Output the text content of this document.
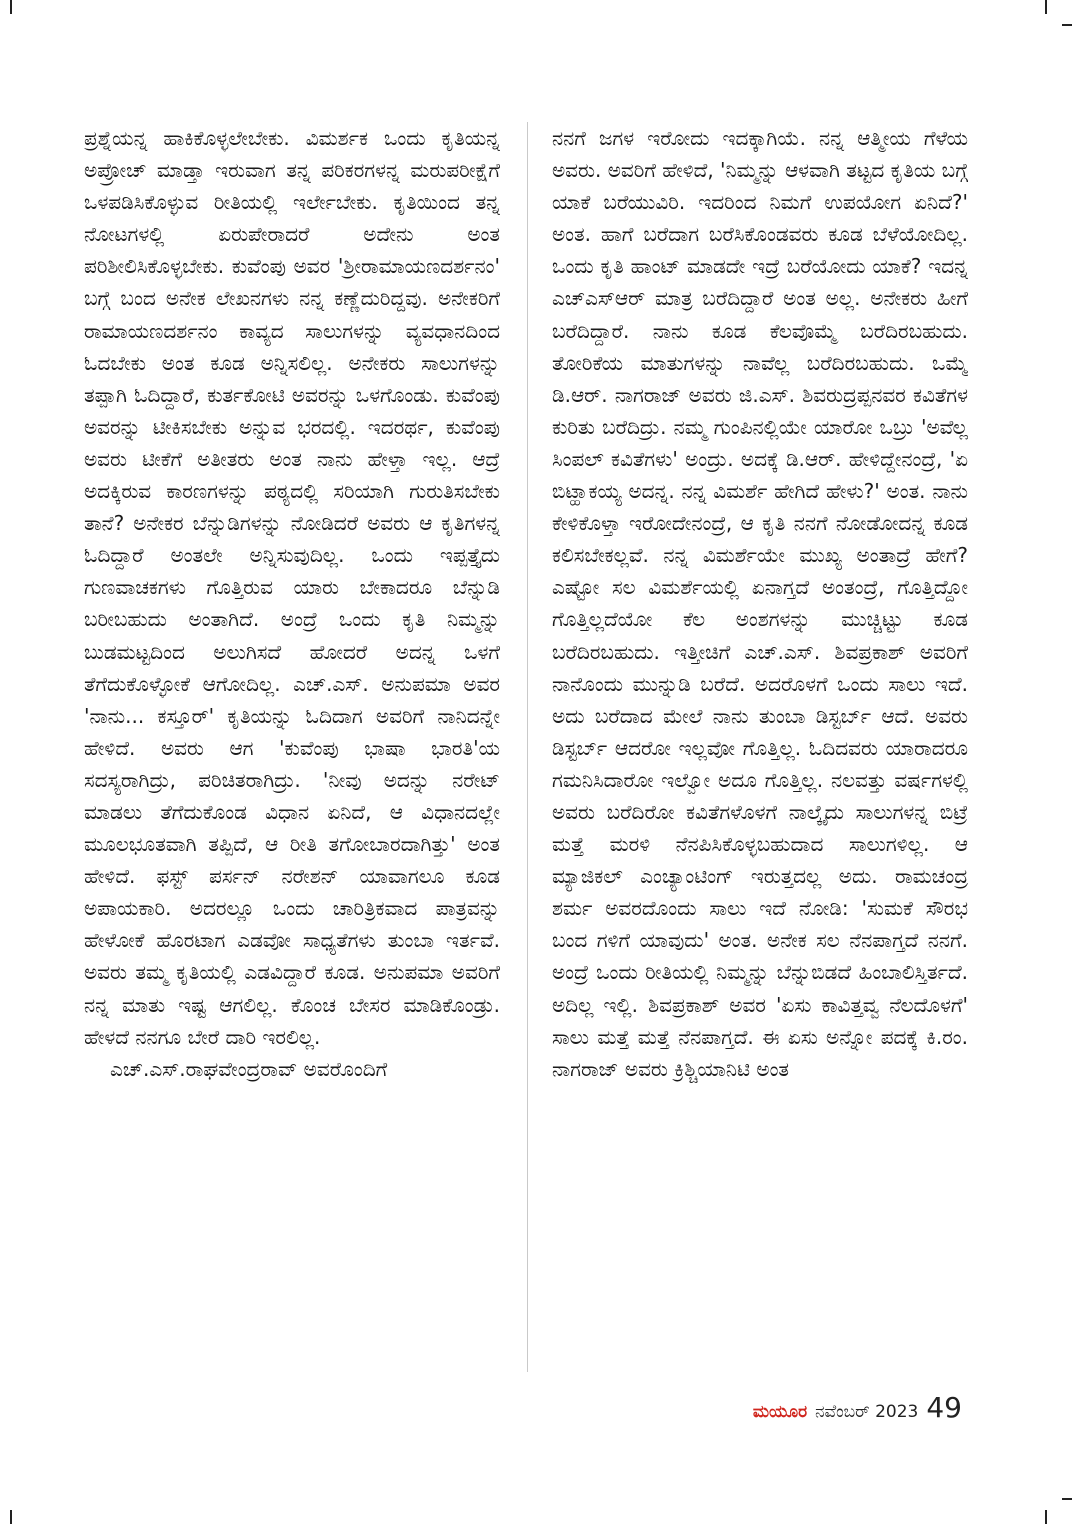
ಪ್ರಶ್ನೆಯನ್ನ ಹಾಕಿಕೊಳ್ಳಲೇಬೇಕು. ವಿಮರ್ಶಕ ಒಂದು ಕೃತಿಯನ್ನ ಅಪ್ರೋಚ್ ಮಾಡ್ತಾ ಇರುವಾಗ ತನ್ನ ಪರಿಕರಗಳನ್ನ ಮರುಪರೀಕ್ಷೆಗೆ ಒಳಪಡಿಸಿಕೊಳ್ಳುವ ರೀತಿಯಲ್ಲಿ ಇರ್ಲೇಬೇಕು. ಕೃತಿಯಿಂದ ತನ್ನ ನೋಟಗಳಲ್ಲಿ ಏರುಪೇರಾದರೆ ಅದೇನು ಅಂತ ಪರಿಶೀಲಿಸಿಕೊಳ್ಳಬೇಕು. ಕುವೆಂಪು ಅವರ 'ಶ್ರೀರಾಮಾಯಣದರ್ಶನಂ' ಬಗ್ಗೆ ಬಂದ ಅನೇಕ ಲೇಖನಗಳು ನನ್ನ ಕಣ್ಣೆದುರಿದ್ದವು. ಅನೇಕರಿಗೆ ರಾಮಾಯಣದರ್ಶನಂ ಕಾವ್ಯದ ಸಾಲುಗಳನ್ನು ವ್ಯವಧಾನದಿಂದ ಓದಬೇಕು ಅಂತ ಕೂಡ ಅನ್ನಿಸಲಿಲ್ಲ. ಅನೇಕರು ಸಾಲುಗಳನ್ನು ತಪ್ಪಾಗಿ ಓದಿದ್ದಾರೆ, ಕುರ್ತಕೋಟಿ ಅವರನ್ನು ಒಳಗೊಂಡು. ಕುವೆಂಪು ಅವರನ್ನು ಟೀಕಿಸಬೇಕು ಅನ್ನುವ ಭರದಲ್ಲಿ. ಇದರರ್ಥ, ಕುವೆಂಪು ಅವರು ಟೀಕೆಗೆ ಅತೀತರು ಅಂತ ನಾನು ಹೇಳ್ತಾ ಇಲ್ಲ. ಆದ್ರೆ ಅದಕ್ಕಿರುವ ಕಾರಣಗಳನ್ನು ಪಠ್ಯದಲ್ಲಿ ಸರಿಯಾಗಿ ಗುರುತಿಸಬೇಕು ತಾನೆ? ಅನೇಕರ ಬೆನ್ನುಡಿಗಳನ್ನು ನೋಡಿದರೆ ಅವರು ಆ ಕೃತಿಗಳನ್ನ ಓದಿದ್ದಾರೆ ಅಂತಲೇ ಅನ್ನಿಸುವುದಿಲ್ಲ. ಒಂದು ಇಪ್ಪತ್ತೈದು ಗುಣವಾಚಕಗಳು ಗೊತ್ತಿರುವ ಯಾರು ಬೇಕಾದರೂ ಬೆನ್ನುಡಿ ಬರೀಬಹುದು ಅಂತಾಗಿದೆ. ಅಂದ್ರೆ ಒಂದು ಕೃತಿ ನಿಮ್ಮನ್ನು ಬುಡಮಟ್ಟದಿಂದ ಅಲುಗಿಸದೆ ಹೋದರೆ ಅದನ್ನ ಒಳಗೆ ತೆಗೆದುಕೊಳ್ಳೋಕೆ ಆಗೋದಿಲ್ಲ. ಎಚ್.ಎಸ್. ಅನುಪಮಾ ಅವರ 'ನಾನು... ಕಸ್ತೂರ್' ಕೃತಿಯನ್ನು ಓದಿದಾಗ ಅವರಿಗೆ ನಾನಿದನ್ನೇ ಹೇಳಿದೆ. ಅವರು ಆಗ 'ಕುವೆಂಪು ಭಾಷಾ ಭಾರತಿ'ಯ ಸದಸ್ಯರಾಗಿದ್ರು, ಪರಿಚಿತರಾಗಿದ್ರು. 'ನೀವು ಅದನ್ನು ನರೇಟ್ ಮಾಡಲು ತೆಗೆದುಕೊಂಡ ವಿಧಾನ ಏನಿದೆ, ಆ ವಿಧಾನದಲ್ಲೇ ಮೂಲಭೂತವಾಗಿ ತಪ್ಪಿದೆ, ಆ ರೀತಿ ತಗೋಬಾರದಾಗಿತ್ತು' ಅಂತ ಹೇಳಿದೆ. ಫಸ್ಟ್ ಪರ್ಸನ್ ನರೇಶನ್ ಯಾವಾಗಲೂ ಕೂಡ ಅಪಾಯಕಾರಿ. ಅದರಲ್ಲೂ ಒಂದು ಚಾರಿತ್ರಿಕವಾದ ಪಾತ್ರವನ್ನು ಹೇಳೋಕೆ ಹೊರಟಾಗ ಎಡವೋ ಸಾಧ್ಯತೆಗಳು ತುಂಬಾ ಇರ್ತವೆ. ಅವರು ತಮ್ಮ ಕೃತಿಯಲ್ಲಿ ಎಡವಿದ್ದಾರೆ ಕೂಡ. ಅನುಪಮಾ ಅವರಿಗೆ ನನ್ನ ಮಾತು ಇಷ್ಟ ಆಗಲಿಲ್ಲ. ಕೊಂಚ ಬೇಸರ ಮಾಡಿಕೊಂಡ್ರು. ಹೇಳದೆ ನನಗೂ ಬೇರೆ ದಾರಿ ಇರಲಿಲ್ಲ.

ಎಚ್.ಎಸ್.ರಾಘವೇಂದ್ರರಾವ್ ಅವರೊಂದಿಗೆ

ನನಗೆ ಜಗಳ ಇರೋದು ಇದಕ್ಕಾಗಿಯೆ. ನನ್ನ ಆತ್ಮೀಯ ಗೆಳೆಯ ಅವರು. ಅವರಿಗೆ ಹೇಳಿದೆ, 'ನಿಮ್ಮನ್ನು ಆಳವಾಗಿ ತಟ್ಟದ ಕೃತಿಯ ಬಗ್ಗೆ ಯಾಕೆ ಬರೆಯುವಿರಿ. ಇದರಿಂದ ನಿಮಗೆ ಉಪಯೋಗ ಏನಿದೆ?' ಅಂತ. ಹಾಗೆ ಬರೆದಾಗ ಬರೆಸಿಕೊಂಡವರು ಕೂಡ ಬೆಳೆಯೋದಿಲ್ಲ. ಒಂದು ಕೃತಿ ಹಾಂಟ್ ಮಾಡದೇ ಇದ್ರೆ ಬರೆಯೋದು ಯಾಕೆ? ಇದನ್ನ ಎಚ್‌ಎಸ್‌ಆರ್ ಮಾತ್ರ ಬರೆದಿದ್ದಾರೆ ಅಂತ ಅಲ್ಲ. ಅನೇಕರು ಹೀಗೆ ಬರೆದಿದ್ದಾರೆ. ನಾನು ಕೂಡ ಕೆಲವೊಮ್ಮೆ ಬರೆದಿರಬಹುದು. ತೋರಿಕೆಯ ಮಾತುಗಳನ್ನು ನಾವೆಲ್ಲ ಬರೆದಿರಬಹುದು. ಒಮ್ಮೆ ಡಿ.ಆರ್. ನಾಗರಾಜ್ ಅವರು ಜಿ.ಎಸ್. ಶಿವರುದ್ರಪ್ಪನವರ ಕವಿತೆಗಳ ಕುರಿತು ಬರೆದಿದ್ರು. ನಮ್ಮ ಗುಂಪಿನಲ್ಲಿಯೇ ಯಾರೋ ಒಬ್ರು 'ಅವೆಲ್ಲ ಸಿಂಪಲ್ ಕವಿತೆಗಳು' ಅಂದ್ರು. ಅದಕ್ಕೆ ಡಿ.ಆರ್. ಹೇಳಿದ್ದೇನಂದ್ರೆ, 'ಏ ಬಿಟ್ಹಾಕಯ್ಯ ಅದನ್ನ. ನನ್ನ ವಿಮರ್ಶೆ ಹೇಗಿದೆ ಹೇಳು?' ಅಂತ. ನಾನು ಕೇಳಿಕೊಳ್ತಾ ಇರೋದೇನಂದ್ರೆ, ಆ ಕೃತಿ ನನಗೆ ನೋಡೋದನ್ನ ಕೂಡ ಕಲಿಸಬೇಕಲ್ಲವೆ. ನನ್ನ ವಿಮರ್ಶೆಯೇ ಮುಖ್ಯ ಅಂತಾದ್ರೆ ಹೇಗೆ? ಎಷ್ಟೋ ಸಲ ವಿಮರ್ಶೆಯಲ್ಲಿ ಏನಾಗ್ತದೆ ಅಂತಂದ್ರೆ, ಗೊತ್ತಿದ್ದೋ ಗೊತ್ತಿಲ್ಲದೆಯೋ ಕೆಲ ಅಂಶಗಳನ್ನು ಮುಚ್ಚಿಟ್ಟು ಕೂಡ ಬರೆದಿರಬಹುದು. ಇತ್ತೀಚಿಗೆ ಎಚ್.ಎಸ್. ಶಿವಪ್ರಕಾಶ್ ಅವರಿಗೆ ನಾನೊಂದು ಮುನ್ನುಡಿ ಬರೆದೆ. ಅದರೊಳಗೆ ಒಂದು ಸಾಲು ಇದೆ. ಅದು ಬರೆದಾದ ಮೇಲೆ ನಾನು ತುಂಬಾ ಡಿಸ್ಟರ್ಬ್ ಆದೆ. ಅವರು ಡಿಸ್ಟರ್ಬ್ ಆದರೋ ಇಲ್ಲವೋ ಗೊತ್ತಿಲ್ಲ. ಓದಿದವರು ಯಾರಾದರೂ ಗಮನಿಸಿದಾರೋ ಇಲ್ವೋ ಅದೂ ಗೊತ್ತಿಲ್ಲ. ನಲವತ್ತು ವರ್ಷಗಳಲ್ಲಿ ಅವರು ಬರೆದಿರೋ ಕವಿತೆಗಳೊಳಗೆ ನಾಲ್ಕೈದು ಸಾಲುಗಳನ್ನ ಬಿಟ್ರೆ ಮತ್ತೆ ಮರಳಿ ನೆನಪಿಸಿಕೊಳ್ಳಬಹುದಾದ ಸಾಲುಗಳಿಲ್ಲ. ಆ ಮ್ಯಾಜಿಕಲ್ ಎಂಚ್ಯಾಂಟಿಂಗ್ ಇರುತ್ತದಲ್ಲ ಅದು. ರಾಮಚಂದ್ರ ಶರ್ಮ ಅವರದೊಂದು ಸಾಲು ಇದೆ ನೋಡಿ: 'ಸುಮಕೆ ಸೌರಭ ಬಂದ ಗಳಿಗೆ ಯಾವುದು' ಅಂತ. ಅನೇಕ ಸಲ ನೆನಪಾಗ್ತದೆ ನನಗೆ. ಅಂದ್ರೆ ಒಂದು ರೀತಿಯಲ್ಲಿ ನಿಮ್ಮನ್ನು ಬೆನ್ನುಬಿಡದೆ ಹಿಂಬಾಲಿಸ್ತಿರ್ತದೆ. ಅದಿಲ್ಲ ಇಲ್ಲಿ. ಶಿವಪ್ರಕಾಶ್ ಅವರ 'ಏಸು ಕಾವಿತ್ತವ್ವ ನೆಲದೊಳಗೆ' ಸಾಲು ಮತ್ತೆ ಮತ್ತೆ ನೆನಪಾಗ್ತದೆ. ಈ ಏಸು ಅನ್ನೋ ಪದಕ್ಕೆ ಕಿ.ರಂ. ನಾಗರಾಜ್ ಅವರು ಕ್ರಿಶ್ಚಿಯಾನಿಟಿ ಅಂತ

ಮಯೂರ ನವೆಂಬರ್ 2023 49
